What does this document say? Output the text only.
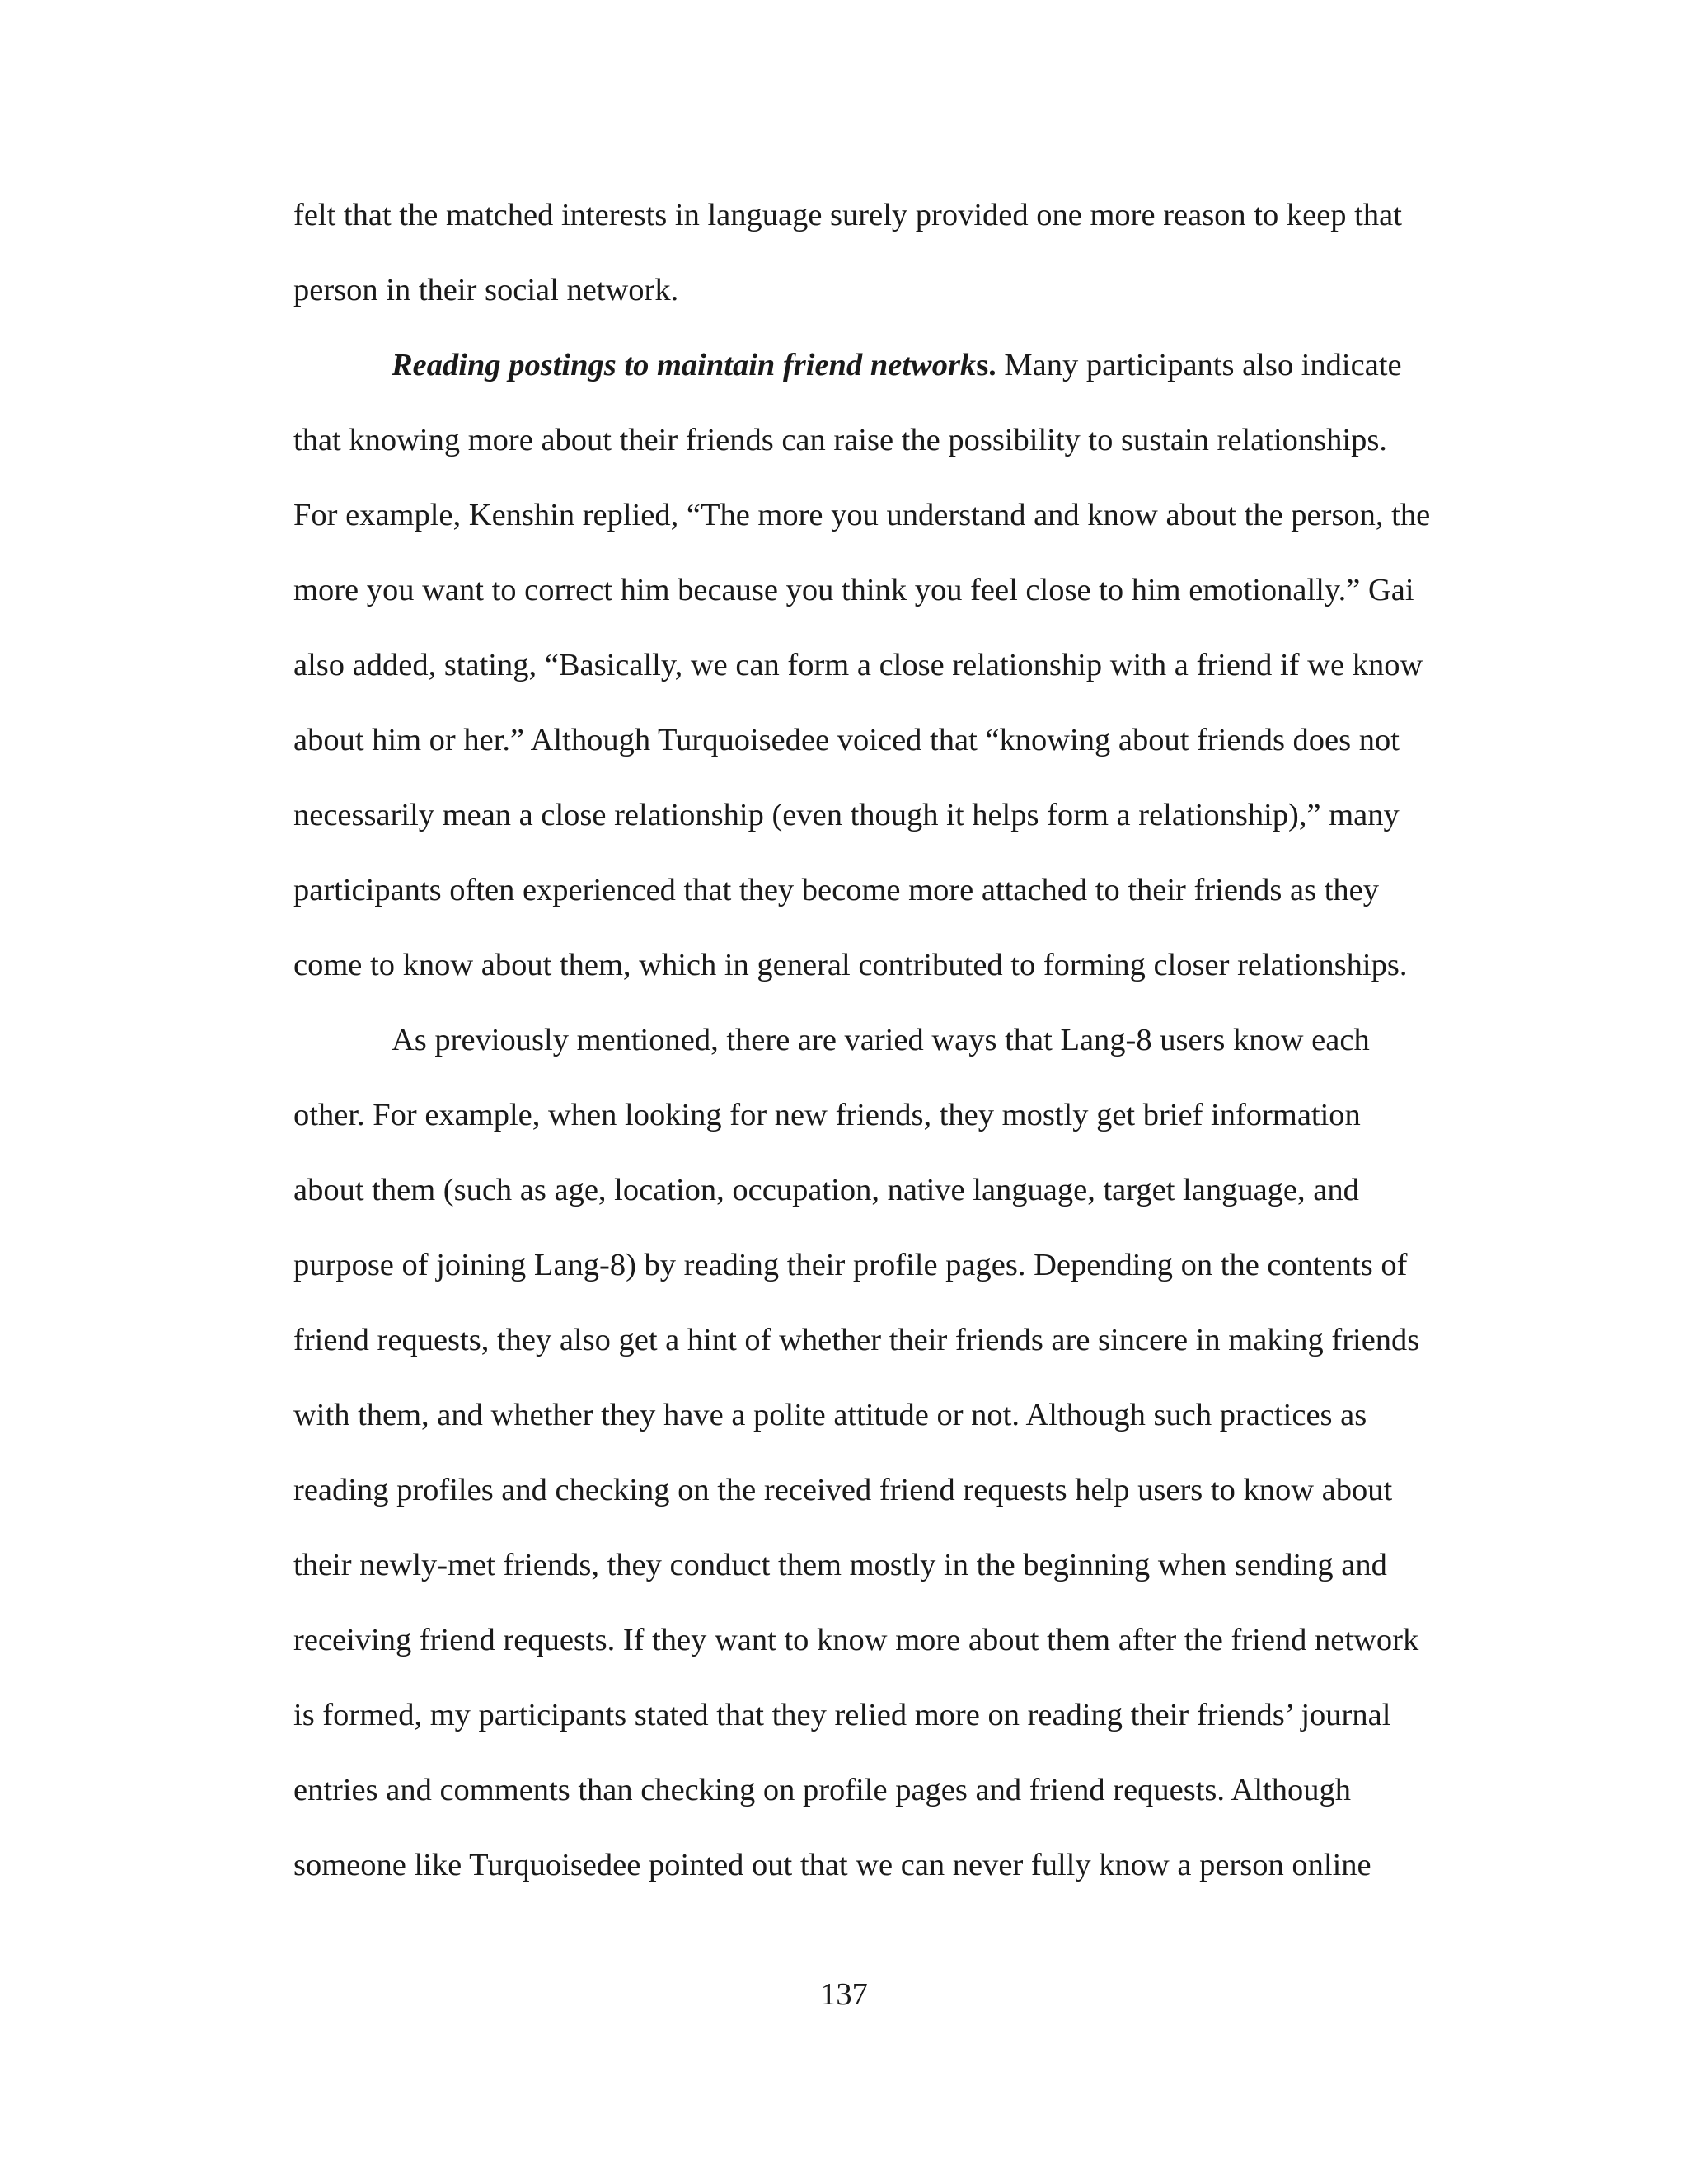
felt that the matched interests in language surely provided one more reason to keep that

person in their social network.

Reading postings to maintain friend networks. Many participants also indicate

that knowing more about their friends can raise the possibility to sustain relationships.

For example, Kenshin replied, “The more you understand and know about the person, the

more you want to correct him because you think you feel close to him emotionally.” Gai

also added, stating, “Basically, we can form a close relationship with a friend if we know

about him or her.” Although Turquoisedee voiced that “knowing about friends does not

necessarily mean a close relationship (even though it helps form a relationship),” many

participants often experienced that they become more attached to their friends as they

come to know about them, which in general contributed to forming closer relationships.

As previously mentioned, there are varied ways that Lang-8 users know each

other. For example, when looking for new friends, they mostly get brief information

about them (such as age, location, occupation, native language, target language, and

purpose of joining Lang-8) by reading their profile pages. Depending on the contents of

friend requests, they also get a hint of whether their friends are sincere in making friends

with them, and whether they have a polite attitude or not. Although such practices as

reading profiles and checking on the received friend requests help users to know about

their newly-met friends, they conduct them mostly in the beginning when sending and

receiving friend requests. If they want to know more about them after the friend network

is formed, my participants stated that they relied more on reading their friends’ journal

entries and comments than checking on profile pages and friend requests. Although

someone like Turquoisedee pointed out that we can never fully know a person online

137
